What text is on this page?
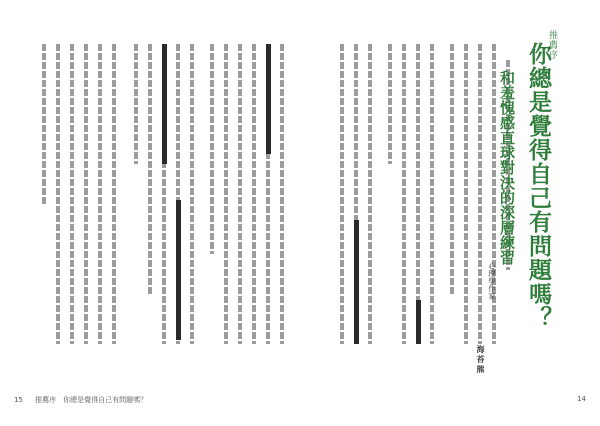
15 推薦序　你總是覺得自己有問題嗎？	14
推薦序
你總是覺得自己有問題嗎？
和羞愧感直球對決的深層練習
心理學作家
海苔熊
